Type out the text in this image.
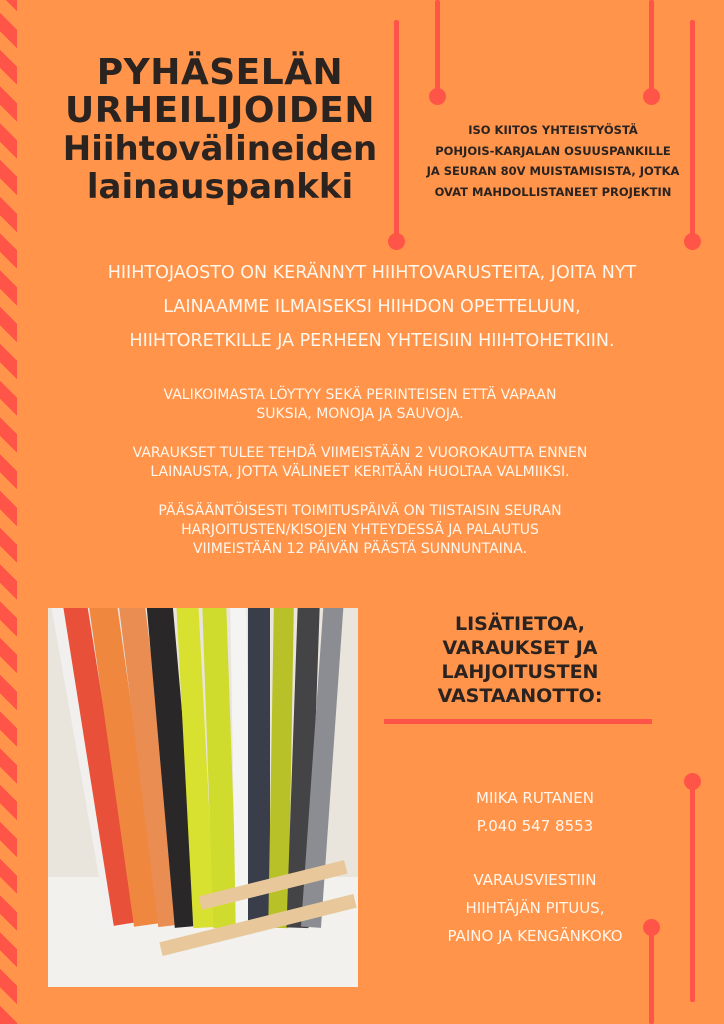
PYHÄSELÄN
URHEILIJOIDEN
Hiihtovälineiden
lainauspankki
ISO KIITOS YHTEISTYÖSTÄ
POHJOIS-KARJALAN OSUUSPANKILLE
JA SEURAN 80V MUISTAMISISTA, JOTKA
OVAT MAHDOLLISTANEET PROJEKTIN
HIIHTOJAOSTO ON KERÄNNYT HIIHTOVARUSTEITA, JOITA NYT
LAINAAMME ILMAISEKSI HIIHDON OPETTELUUN,
HIIHTORETKILLE JA PERHEEN YHTEISIIN HIIHTOHETKIIN.

VALIKOIMASTA LÖYTYY SEKÄ PERINTEISEN ETTÄ VAPAAN
SUKSIA, MONOJA JA SAUVOJA.

VARAUKSET TULEE TEHDÄ VIIMEISTÄÄN 2 VUOROKAUTTA ENNEN
LAINAUSTA, JOTTA VÄLINEET KERITÄÄN HUOLTAA VALMIIKSI.

PÄÄSÄÄNTÖISESTI TOIMITUSPÄIVÄ ON TIISTAISIN SEURAN
HARJOITUSTEN/KISOJEN YHTEYDESSÄ JA PALAUTUS
VIIMEISTÄÄN 12 PÄIVÄN PÄÄSTÄ SUNNUNTAINA.

LISÄTIETOA,
VARAUKSET JA
LAHJOITUSTEN
VASTAANOTTO:
MIIKA RUTANEN
P.040 547 8553
VARAUSVIESTIIN
HIIHTÄJÄN PITUUS,
PAINO JA KENGÄNKOKO
